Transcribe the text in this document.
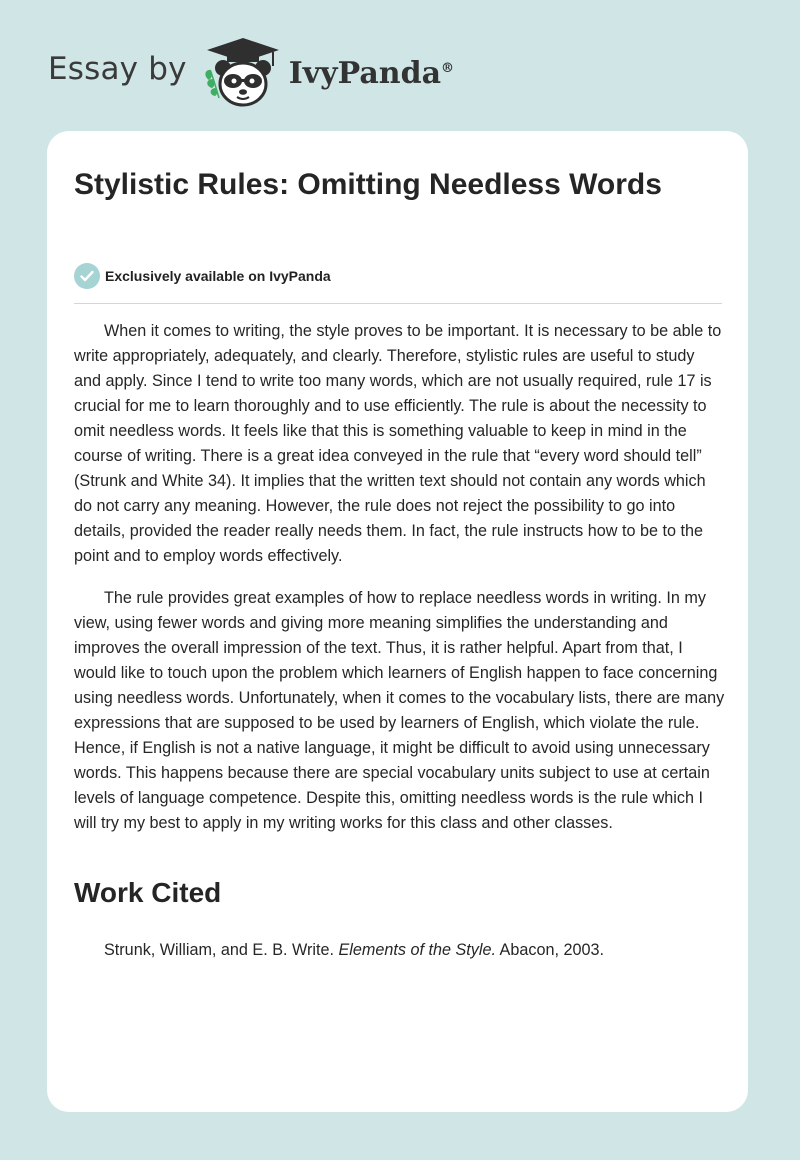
Essay by	IvyPanda®
Stylistic Rules: Omitting Needless Words
Exclusively available on IvyPanda

When it comes to writing, the style proves to be important. It is necessary to be able to write appropriately, adequately, and clearly. Therefore, stylistic rules are useful to study and apply. Since I tend to write too many words, which are not usually required, rule 17 is crucial for me to learn thoroughly and to use efficiently. The rule is about the necessity to omit needless words. It feels like that this is something valuable to keep in mind in the course of writing. There is a great idea conveyed in the rule that “every word should tell” (Strunk and White 34). It implies that the written text should not contain any words which do not carry any meaning. However, the rule does not reject the possibility to go into details, provided the reader really needs them. In fact, the rule instructs how to be to the point and to employ words effectively.

The rule provides great examples of how to replace needless words in writing. In my view, using fewer words and giving more meaning simplifies the understanding and improves the overall impression of the text. Thus, it is rather helpful. Apart from that, I would like to touch upon the problem which learners of English happen to face concerning using needless words. Unfortunately, when it comes to the vocabulary lists, there are many expressions that are supposed to be used by learners of English, which violate the rule. Hence, if English is not a native language, it might be difficult to avoid using unnecessary words. This happens because there are special vocabulary units subject to use at certain levels of language competence. Despite this, omitting needless words is the rule which I will try my best to apply in my writing works for this class and other classes.

Work Cited
Strunk, William, and E. B. Write. Elements of the Style. Abacon, 2003.
